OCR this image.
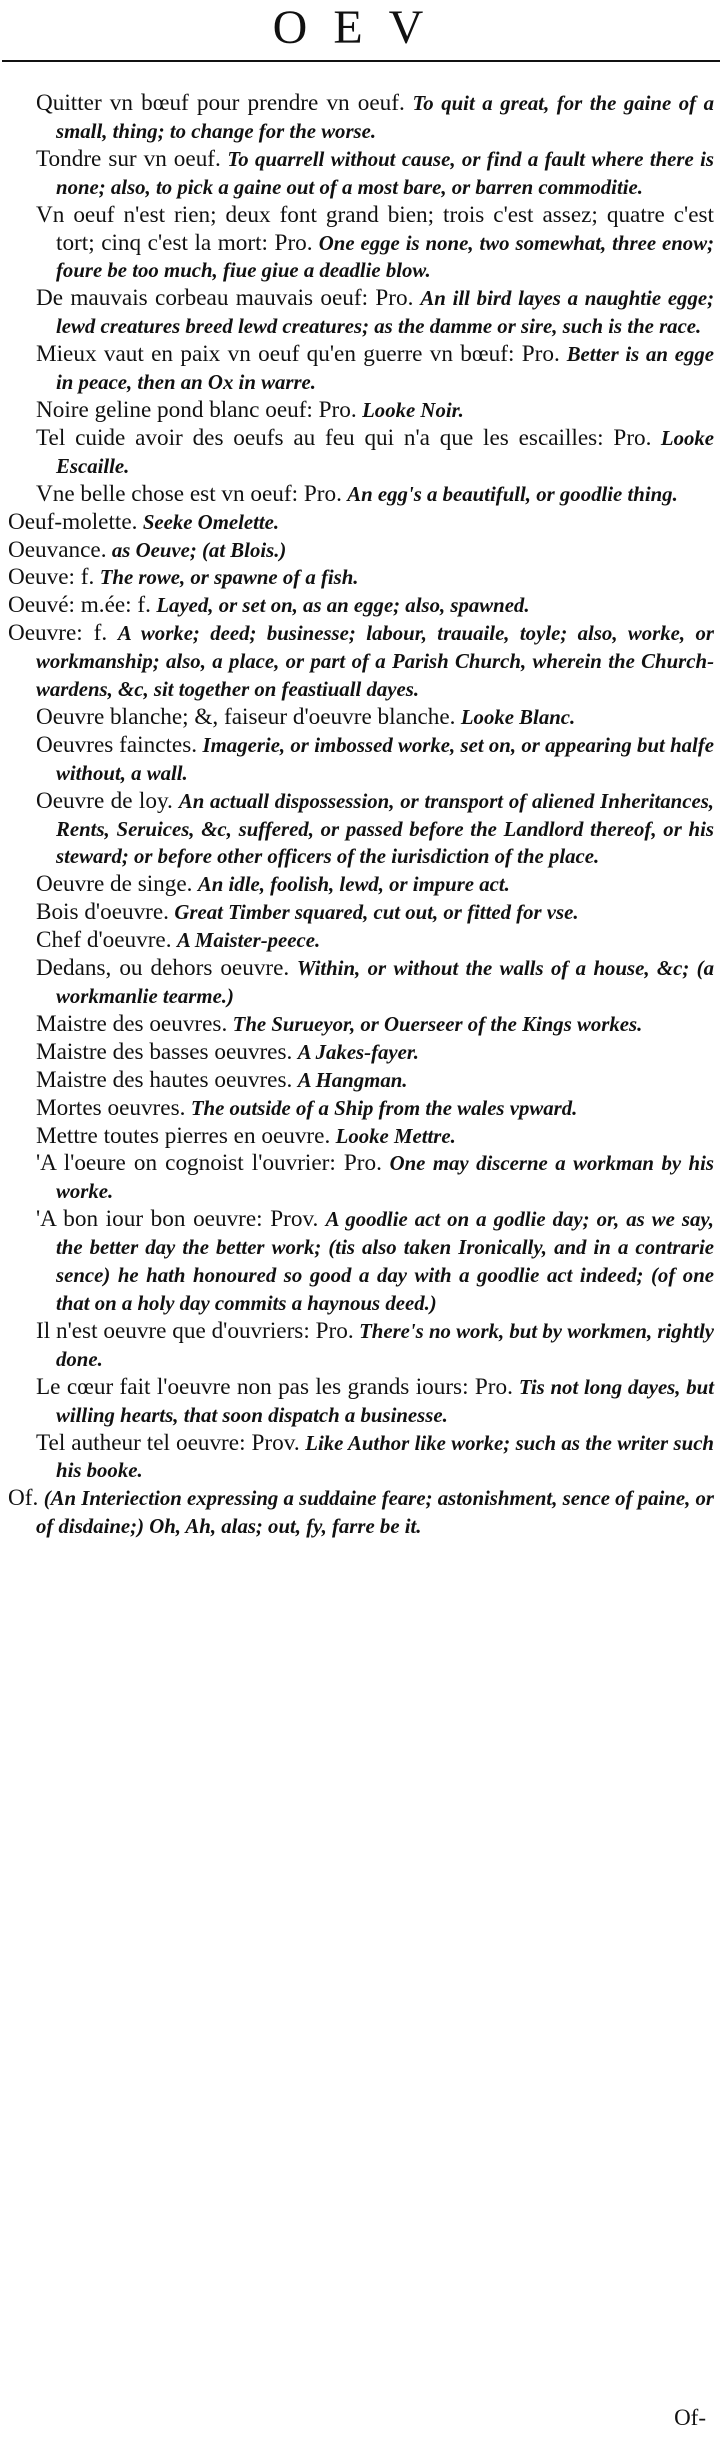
OEV

Quitter vn bœuf pour prendre vn oeuf. To quit a great, for the gaine of a small, thing; to change for the worse.

Tondre sur vn oeuf. To quarrell without cause, or find a fault where there is none; also, to pick a gaine out of a most bare, or barren commoditie.

Vn oeuf n'est rien; deux font grand bien; trois c'est assez; quatre c'est tort; cinq c'est la mort: Pro. One egge is none, two somewhat, three enow; foure be too much, fiue giue a deadlie blow.

De mauvais corbeau mauvais oeuf: Pro. An ill bird layes a naughtie egge; lewd creatures breed lewd creatures; as the damme or sire, such is the race.

Mieux vaut en paix vn oeuf qu'en guerre vn bœuf: Pro. Better is an egge in peace, then an Ox in warre.

Noire geline pond blanc oeuf: Pro. Looke Noir.

Tel cuide avoir des oeufs au feu qui n'a que les escailles: Pro. Looke Escaille.

Vne belle chose est vn oeuf: Pro. An egg's a beautifull, or goodlie thing.

Oeuf-molette. Seeke Omelette.

Oeuvance. as Oeuve; (at Blois.)

Oeuve: f. The rowe, or spawne of a fish.

Oeuvé: m.ée: f. Layed, or set on, as an egge; also, spawned.

Oeuvre: f. A worke; deed; businesse; labour, trauaile, toyle; also, worke, or workmanship; also, a place, or part of a Parish Church, wherein the Church-wardens, &c, sit together on feastiuall dayes.

Oeuvre blanche; &, faiseur d'oeuvre blanche. Looke Blanc.

Oeuvres fainctes. Imagerie, or imbossed worke, set on, or appearing but halfe without, a wall.

Oeuvre de loy. An actuall dispossession, or transport of aliened Inheritances, Rents, Seruices, &c, suffered, or passed before the Landlord thereof, or his steward; or before other officers of the iurisdiction of the place.

Oeuvre de singe. An idle, foolish, lewd, or impure act.

Bois d'oeuvre. Great Timber squared, cut out, or fitted for vse.

Chef d'oeuvre. A Maister-peece.

Dedans, ou dehors oeuvre. Within, or without the walls of a house, &c; (a workmanlie tearme.)

Maistre des oeuvres. The Surueyor, or Ouerseer of the Kings workes.

Maistre des basses oeuvres. A Jakes-fayer.

Maistre des hautes oeuvres. A Hangman.

Mortes oeuvres. The outside of a Ship from the wales vpward.

Mettre toutes pierres en oeuvre. Looke Mettre.

'A l'oeure on cognoist l'ouvrier: Pro. One may discerne a workman by his worke.

'A bon iour bon oeuvre: Prov. A goodlie act on a godlie day; or, as we say, the better day the better work; (tis also taken Ironically, and in a contrarie sence) he hath honoured so good a day with a goodlie act indeed; (of one that on a holy day commits a haynous deed.)

Il n'est oeuvre que d'ouvriers: Pro. There's no work, but by workmen, rightly done.

Le cœur fait l'oeuvre non pas les grands iours: Pro. Tis not long dayes, but willing hearts, that soon dispatch a businesse.

Tel autheur tel oeuvre: Prov. Like Author like worke; such as the writer such his booke.

Of. (An Interiection expressing a suddaine feare; astonishment, sence of paine, or of disdaine;) Oh, Ah, alas; out, fy, farre be it.

Of-
